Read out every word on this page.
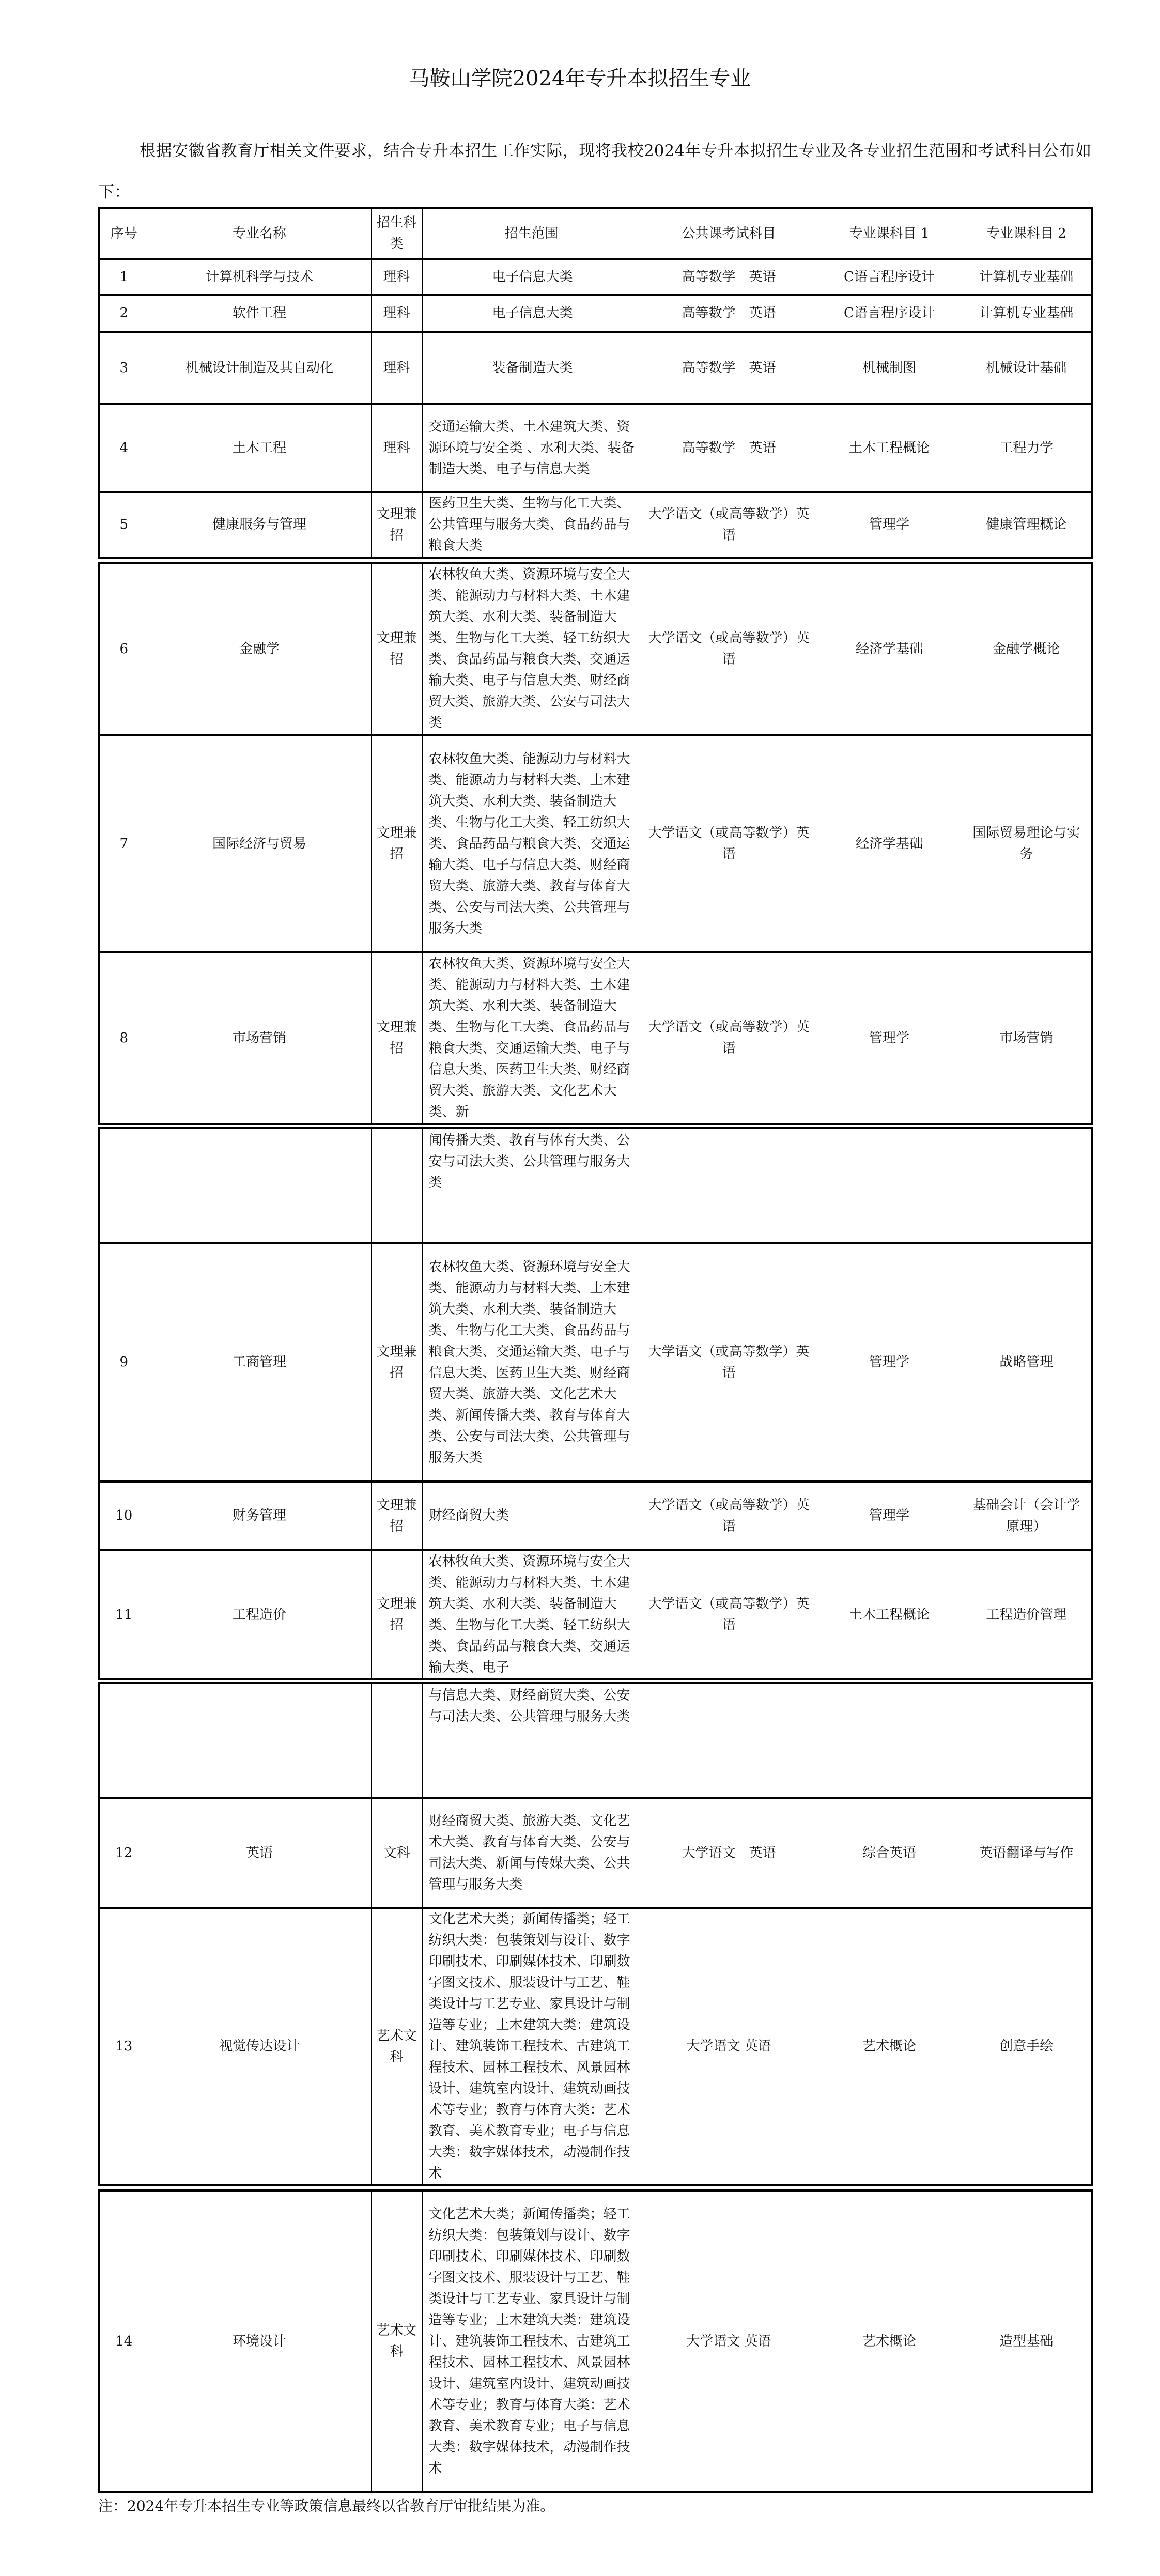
马鞍山学院2024年专升本拟招生专业
根据安徽省教育厅相关文件要求，结合专升本招生工作实际，现将我校2024年专升本拟招生专业及各专业招生范围和考试科目公布如下：
序号	专业名称	招生科类	招生范围	公共课考试科目	专业课科目 1	专业课科目 2
1	计算机科学与技术	理科	电子信息大类	高等数学　英语	C语言程序设计	计算机专业基础
2	软件工程	理科	电子信息大类	高等数学　英语	C语言程序设计	计算机专业基础
3	机械设计制造及其自动化	理科	装备制造大类	高等数学　英语	机械制图	机械设计基础
4	土木工程	理科	交通运输大类、土木建筑大类、资源环境与安全类 、水利大类、装备制造大类、电子与信息大类	高等数学　英语	土木工程概论	工程力学
5	健康服务与管理	文理兼招	医药卫生大类、生物与化工大类、公共管理与服务大类、食品药品与粮食大类	大学语文（或高等数学）英语	管理学	健康管理概论
6	金融学	文理兼招	农林牧鱼大类、资源环境与安全大类、能源动力与材料大类、土木建筑大类、水利大类、装备制造大类、生物与化工大类、轻工纺织大类、食品药品与粮食大类、交通运输大类、电子与信息大类、财经商贸大类、旅游大类、公安与司法大类	大学语文（或高等数学）英语	经济学基础	金融学概论
7	国际经济与贸易	文理兼招	农林牧鱼大类、能源动力与材料大类、能源动力与材料大类、土木建筑大类、水利大类、装备制造大类、生物与化工大类、轻工纺织大类、食品药品与粮食大类、交通运输大类、电子与信息大类、财经商贸大类、旅游大类、教育与体育大类、公安与司法大类、公共管理与服务大类	大学语文（或高等数学）英语	经济学基础	国际贸易理论与实务
8	市场营销	文理兼招	农林牧鱼大类、资源环境与安全大类、能源动力与材料大类、土木建筑大类、水利大类、装备制造大类、生物与化工大类、食品药品与粮食大类、交通运输大类、电子与信息大类、医药卫生大类、财经商贸大类、旅游大类、文化艺术大类、新	大学语文（或高等数学）英语	管理学	市场营销
			闻传播大类、教育与体育大类、公安与司法大类、公共管理与服务大类			
9	工商管理	文理兼招	农林牧鱼大类、资源环境与安全大类、能源动力与材料大类、土木建筑大类、水利大类、装备制造大类、生物与化工大类、食品药品与粮食大类、交通运输大类、电子与信息大类、医药卫生大类、财经商贸大类、旅游大类、文化艺术大类、新闻传播大类、教育与体育大类、公安与司法大类、公共管理与服务大类	大学语文（或高等数学）英语	管理学	战略管理
10	财务管理	文理兼招	财经商贸大类	大学语文（或高等数学）英语	管理学	基础会计（会计学原理）
11	工程造价	文理兼招	农林牧鱼大类、资源环境与安全大类、能源动力与材料大类、土木建筑大类、水利大类、装备制造大类、生物与化工大类、轻工纺织大类、食品药品与粮食大类、交通运输大类、电子	大学语文（或高等数学）英语	土木工程概论	工程造价管理
			与信息大类、财经商贸大类、公安与司法大类、公共管理与服务大类			
12	英语	文科	财经商贸大类、旅游大类、文化艺术大类、教育与体育大类、公安与司法大类、新闻与传媒大类、公共管理与服务大类	大学语文　英语	综合英语	英语翻译与写作
13	视觉传达设计	艺术文科	文化艺术大类；新闻传播类；轻工纺织大类：包装策划与设计、数字印刷技术、印刷媒体技术、印刷数字图文技术、服装设计与工艺、鞋类设计与工艺专业、家具设计与制造等专业；土木建筑大类：建筑设计、建筑装饰工程技术、古建筑工程技术、园林工程技术、风景园林设计、建筑室内设计、建筑动画技术等专业；教育与体育大类：艺术教育、美术教育专业；电子与信息大类：数字媒体技术，动漫制作技术	大学语文 英语	艺术概论	创意手绘
14	环境设计	艺术文科	文化艺术大类；新闻传播类；轻工纺织大类：包装策划与设计、数字印刷技术、印刷媒体技术、印刷数字图文技术、服装设计与工艺、鞋类设计与工艺专业、家具设计与制造等专业；土木建筑大类：建筑设计、建筑装饰工程技术、古建筑工程技术、园林工程技术、风景园林设计、建筑室内设计、建筑动画技术等专业；教育与体育大类：艺术教育、美术教育专业；电子与信息大类：数字媒体技术，动漫制作技术	大学语文 英语	艺术概论	造型基础
注：2024年专升本招生专业等政策信息最终以省教育厅审批结果为准。
